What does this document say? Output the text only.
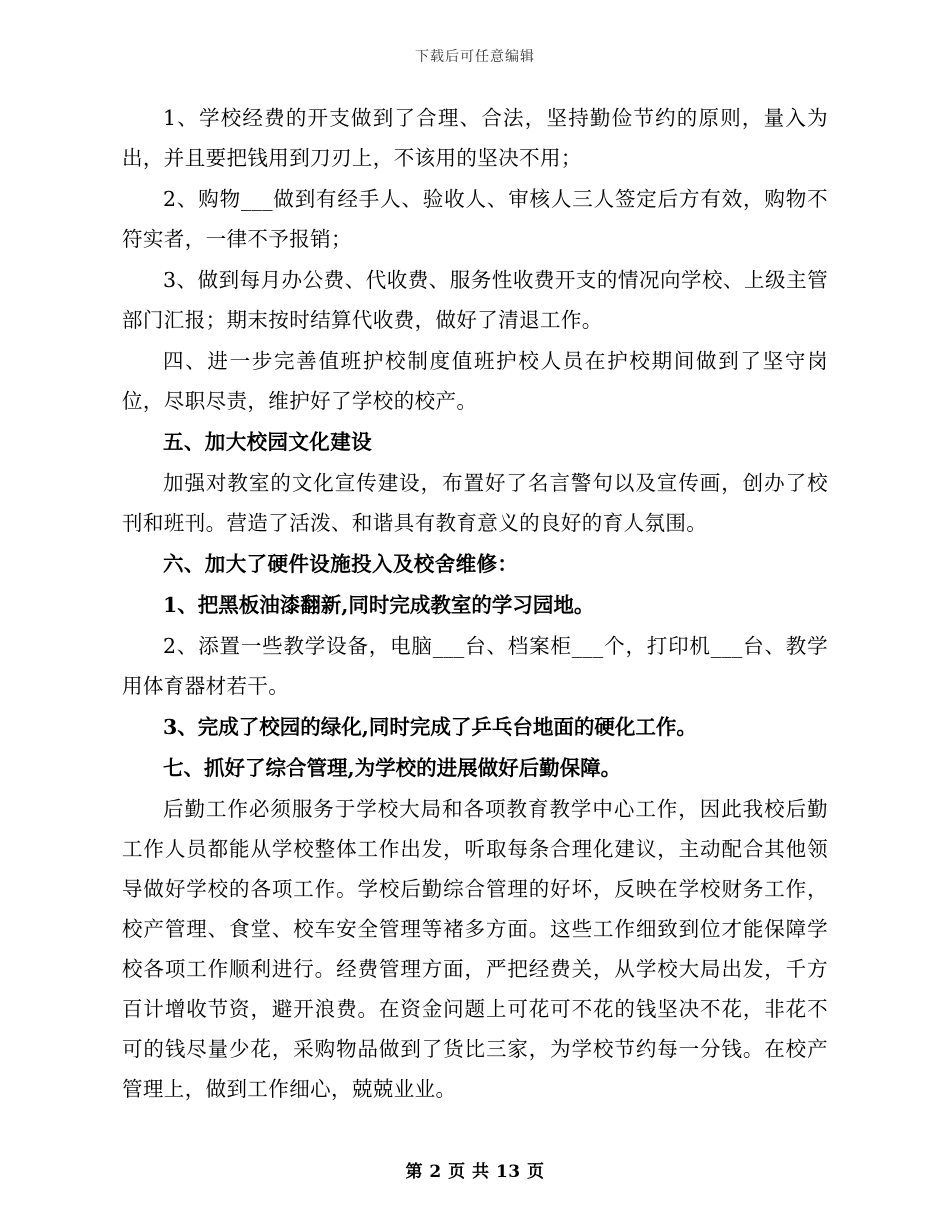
下载后可任意编辑

1、学校经费的开支做到了合理、合法，坚持勤俭节约的原则，量入为出，并且要把钱用到刀刃上，不该用的坚决不用；

2、购物___做到有经手人、验收人、审核人三人签定后方有效，购物不符实者，一律不予报销；

3、做到每月办公费、代收费、服务性收费开支的情况向学校、上级主管部门汇报；期末按时结算代收费，做好了清退工作。

四、进一步完善值班护校制度值班护校人员在护校期间做到了坚守岗位，尽职尽责，维护好了学校的校产。

五、加大校园文化建设

加强对教室的文化宣传建设，布置好了名言警句以及宣传画，创办了校刊和班刊。营造了活泼、和谐具有教育意义的良好的育人氛围。

六、加大了硬件设施投入及校舍维修：

1、把黑板油漆翻新,同时完成教室的学习园地。

2、添置一些教学设备，电脑___台、档案柜___个，打印机___台、教学用体育器材若干。

3、完成了校园的绿化,同时完成了乒乓台地面的硬化工作。

七、抓好了综合管理,为学校的进展做好后勤保障。

后勤工作必须服务于学校大局和各项教育教学中心工作，因此我校后勤工作人员都能从学校整体工作出发，听取每条合理化建议，主动配合其他领导做好学校的各项工作。学校后勤综合管理的好坏，反映在学校财务工作，校产管理、食堂、校车安全管理等褚多方面。这些工作细致到位才能保障学校各项工作顺利进行。经费管理方面，严把经费关，从学校大局出发，千方百计增收节资，避开浪费。在资金问题上可花可不花的钱坚决不花，非花不可的钱尽量少花，采购物品做到了货比三家，为学校节约每一分钱。在校产管理上，做到工作细心，兢兢业业。

第 2 页 共 13 页
